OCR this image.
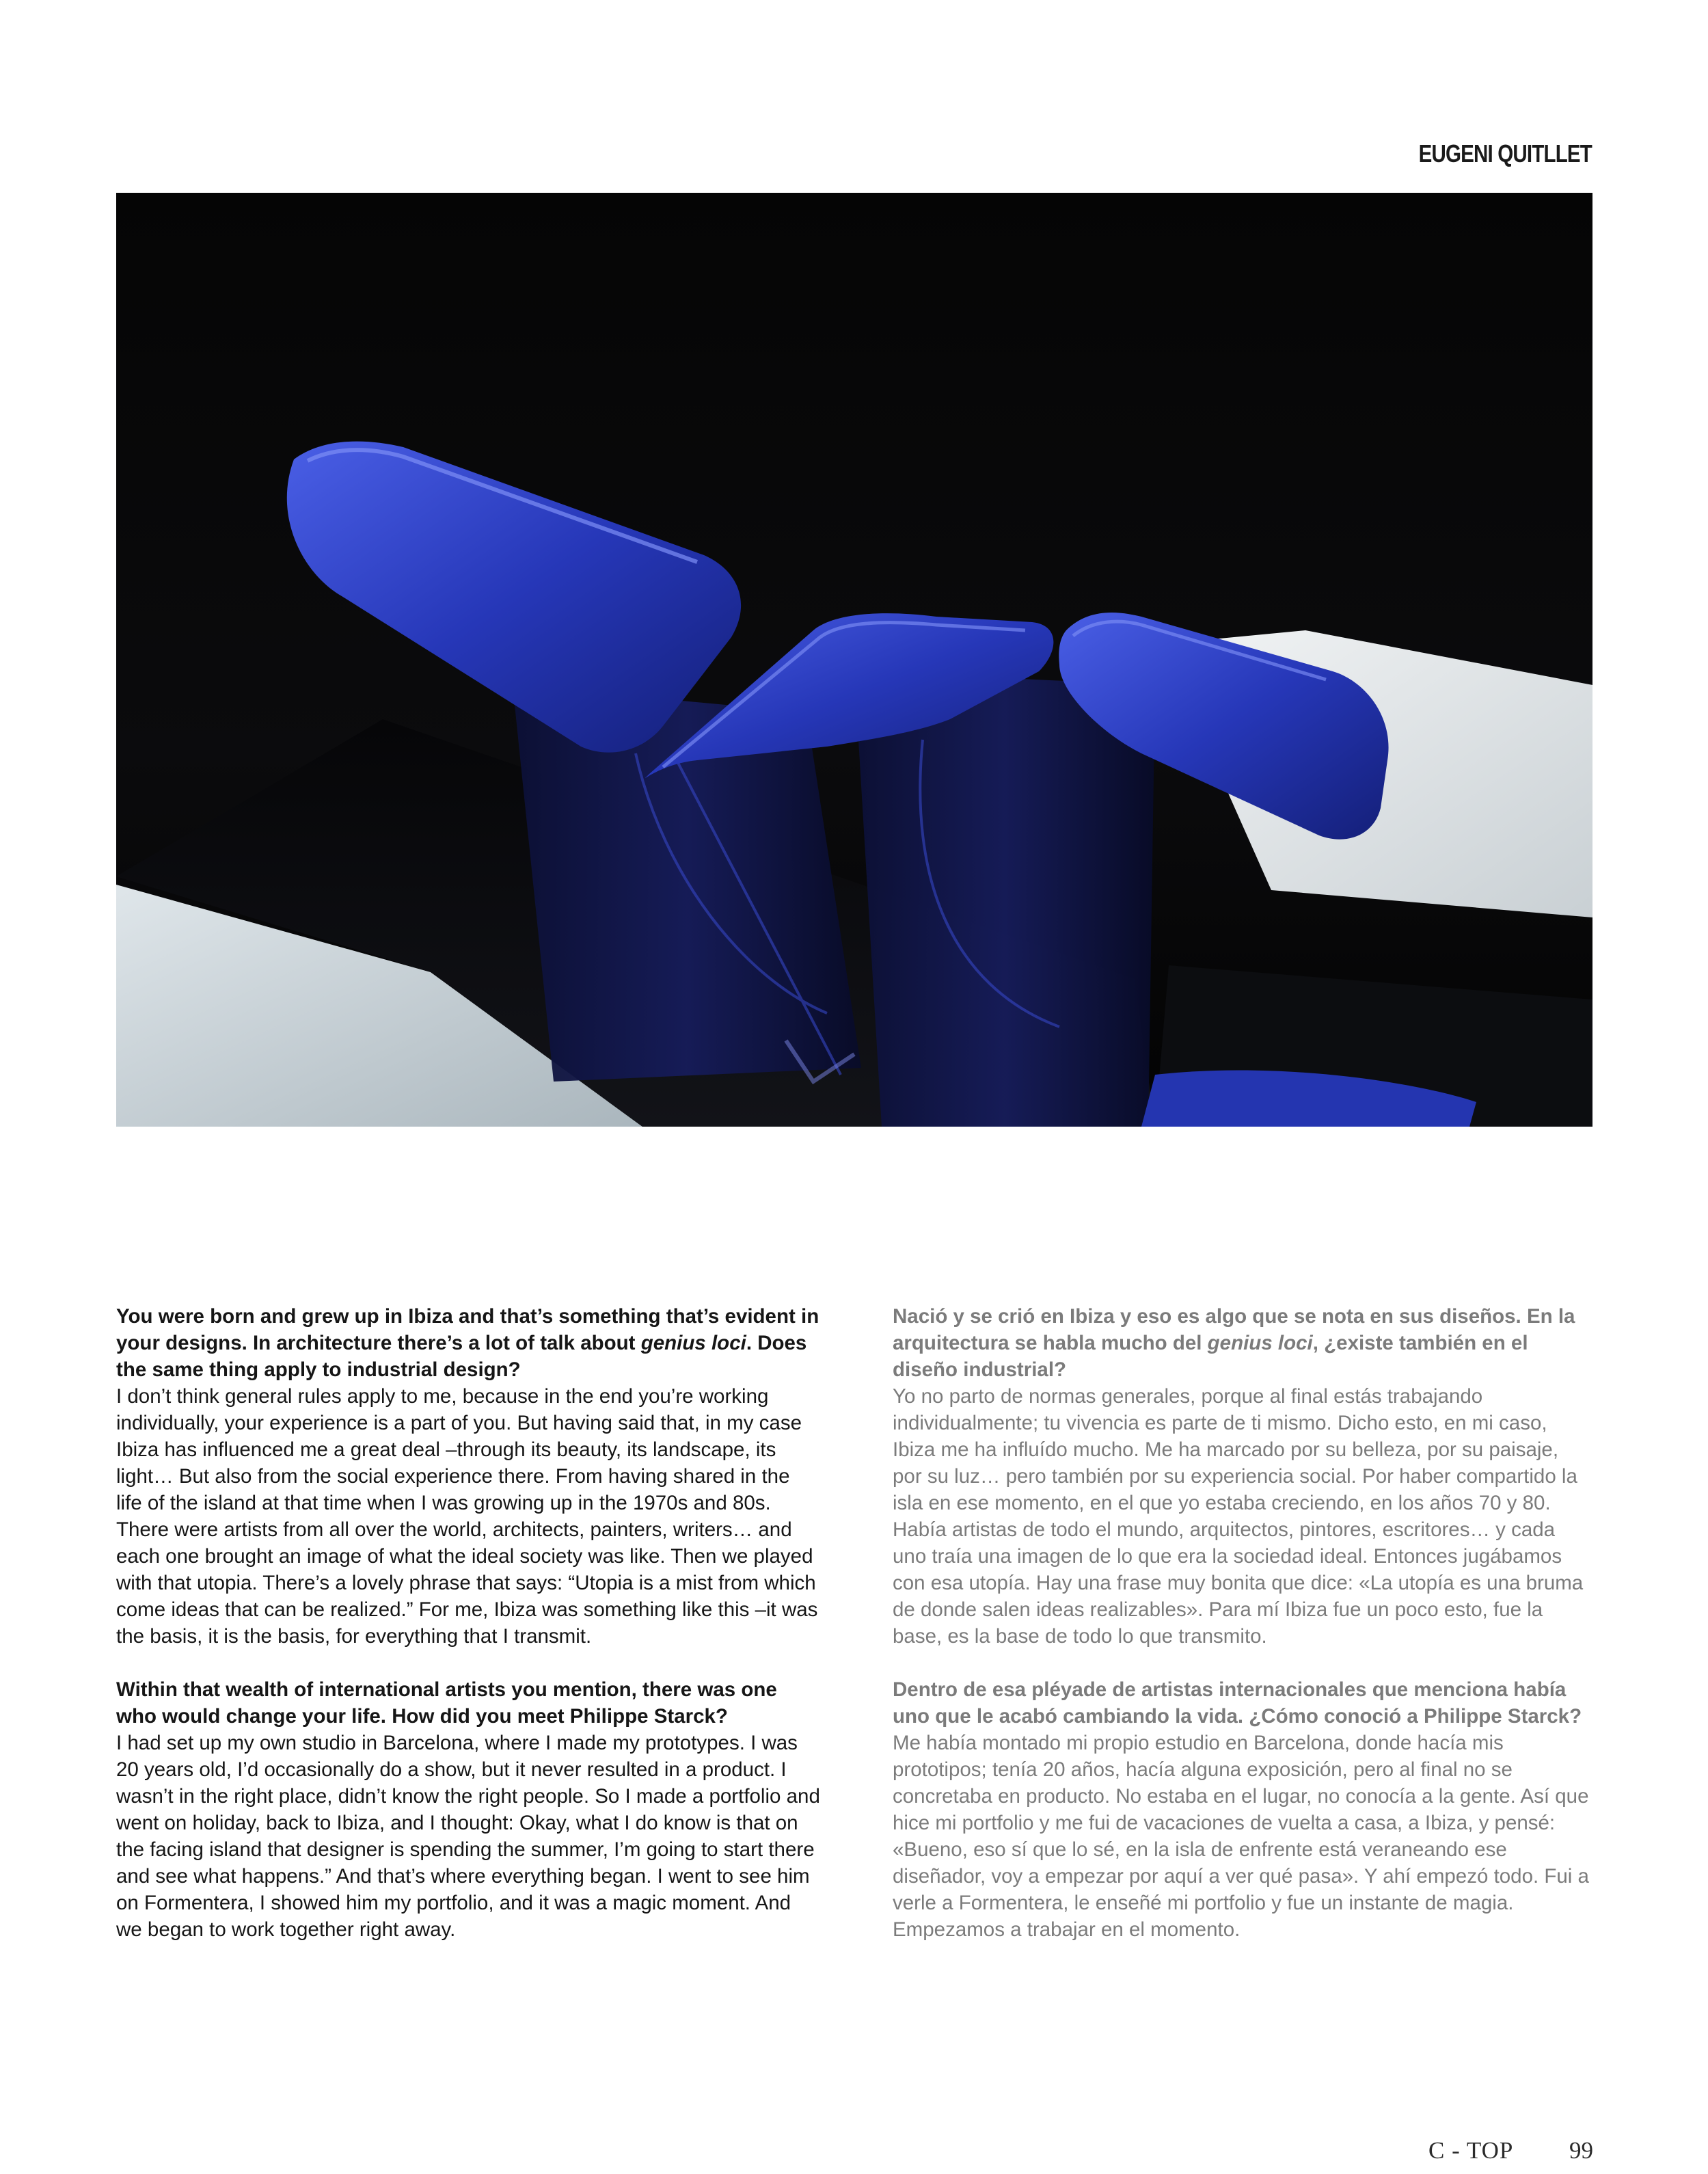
EUGENI QUITLLET

You were born and grew up in Ibiza and that’s something that’s evident in your designs. In architecture there’s a lot of talk about genius loci. Does the same thing apply to industrial design?
I don’t think general rules apply to me, because in the end you’re working individually, your experience is a part of you. But having said that, in my case Ibiza has influenced me a great deal –through its beauty, its landscape, its light… But also from the social experience there. From having shared in the life of the island at that time when I was growing up in the 1970s and 80s. There were artists from all over the world, architects, painters, writers… and each one brought an image of what the ideal society was like. Then we played with that utopia. There’s a lovely phrase that says: “Utopia is a mist from which come ideas that can be realized.” For me, Ibiza was something like this –it was the basis, it is the basis, for everything that I transmit.

Within that wealth of international artists you mention, there was one who would change your life. How did you meet Philippe Starck?
I had set up my own studio in Barcelona, where I made my prototypes. I was 20 years old, I’d occasionally do a show, but it never resulted in a product. I wasn’t in the right place, didn’t know the right people. So I made a portfolio and went on holiday, back to Ibiza, and I thought: Okay, what I do know is that on the facing island that designer is spending the summer, I’m going to start there and see what happens.” And that’s where everything began. I went to see him on Formentera, I showed him my portfolio, and it was a magic moment. And we began to work together right away.

Nació y se crió en Ibiza y eso es algo que se nota en sus diseños. En la arquitectura se habla mucho del genius loci, ¿existe también en el diseño industrial?
Yo no parto de normas generales, porque al final estás trabajando individualmente; tu vivencia es parte de ti mismo. Dicho esto, en mi caso, Ibiza me ha influído mucho. Me ha marcado por su belleza, por su paisaje, por su luz… pero también por su experiencia social. Por haber compartido la isla en ese momento, en el que yo estaba creciendo, en los años 70 y 80. Había artistas de todo el mundo, arquitectos, pintores, escritores… y cada uno traía una imagen de lo que era la sociedad ideal. Entonces jugábamos con esa utopía. Hay una frase muy bonita que dice: «La utopía es una bruma de donde salen ideas realizables». Para mí Ibiza fue un poco esto, fue la base, es la base de todo lo que transmito.

Dentro de esa pléyade de artistas internacionales que menciona había uno que le acabó cambiando la vida. ¿Cómo conoció a Philippe Starck?
Me había montado mi propio estudio en Barcelona, donde hacía mis prototipos; tenía 20 años, hacía alguna exposición, pero al final no se concretaba en producto. No estaba en el lugar, no conocía a la gente. Así que hice mi portfolio y me fui de vacaciones de vuelta a casa, a Ibiza, y pensé: «Bueno, eso sí que lo sé, en la isla de enfrente está veraneando ese diseñador, voy a empezar por aquí a ver qué pasa». Y ahí empezó todo. Fui a verle a Formentera, le enseñé mi portfolio y fue un instante de magia. Empezamos a trabajar en el momento.

C - TOP 99
